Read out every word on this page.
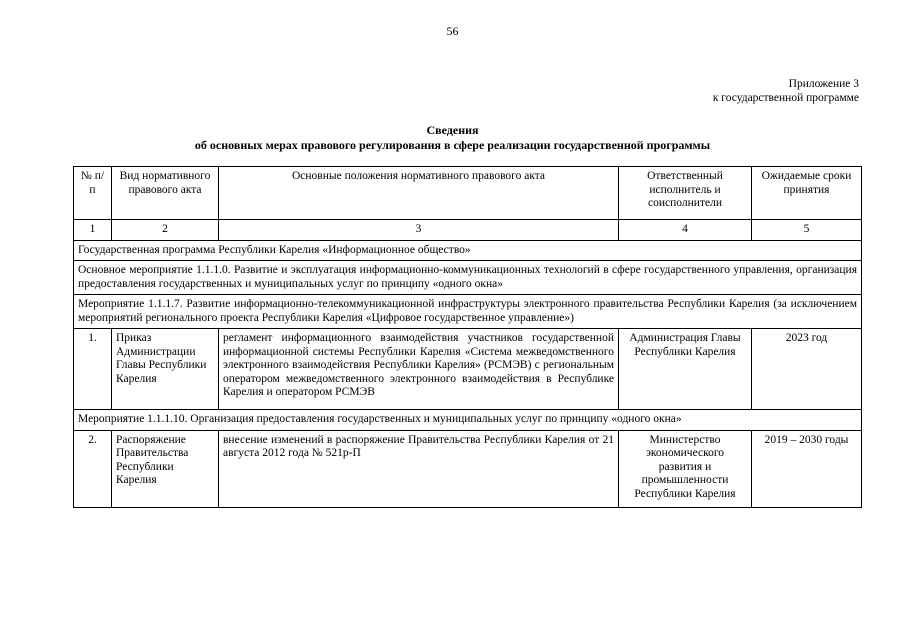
56
Приложение 3
к государственной программе
Сведения
об основных мерах правового регулирования в сфере реализации государственной программы
№ п/п	Вид нормативного правового акта	Основные положения нормативного правового акта	Ответственный исполнитель и соисполнители	Ожидаемые сроки принятия
1	2	3	4	5
Государственная программа Республики Карелия «Информационное общество»				
Основное мероприятие 1.1.1.0. Развитие и эксплуатация информационно-коммуникационных технологий в сфере государственного управления, организация предоставления государственных и муниципальных услуг по принципу «одного окна»				
Мероприятие 1.1.1.7. Развитие информационно-телекоммуникационной инфраструктуры электронного правительства Республики Карелия (за исключением мероприятий регионального проекта Республики Карелия «Цифровое государственное управление»)				
1.	Приказ Администрации Главы Республики Карелия	регламент информационного взаимодействия участников государственной информационной системы Республики Карелия «Система межведомственного электронного взаимодействия Республики Карелия» (РСМЭВ) с региональным оператором межведомственного электронного взаимодействия в Республике Карелия и оператором РСМЭВ	Администрация Главы Республики Карелия	2023 год
Мероприятие 1.1.1.10. Организация предоставления государственных и муниципальных услуг по принципу «одного окна»				
2.	Распоряжение Правительства Республики Карелия	внесение изменений в распоряжение Правительства Республики Карелия от 21 августа 2012 года № 521р-П	Министерство экономического развития и промышленности Республики Карелия	2019 – 2030 годы
